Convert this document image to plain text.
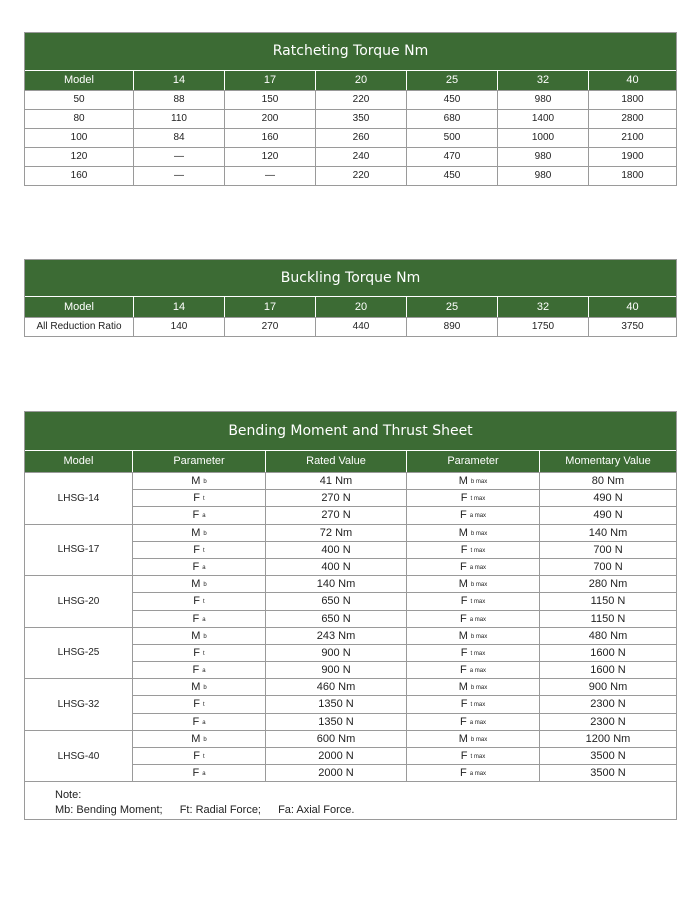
Ratcheting Torque Nm
Model	14	17	20	25	32	40
50	88	150	220	450	980	1800
80	110	200	350	680	1400	2800
100	84	160	260	500	1000	2100
120	—	120	240	470	980	1900
160	—	—	220	450	980	1800
Buckling Torque Nm
Model	14	17	20	25	32	40
All Reduction Ratio	140	270	440	890	1750	3750
Bending Moment and Thrust Sheet
Model	Parameter	Rated Value	Parameter	Momentary Value
LHSG-14
M $_b$	41 Nm	M $_{b max}$	80 Nm
F $_t$	270 N	F $_{t max}$	490 N
F $_a$	270 N	F $_{a max}$	490 N
LHSG-17
M $_b$	72 Nm	M $_{b max}$	140 Nm
F $_t$	400 N	F $_{t max}$	700 N
F $_a$	400 N	F $_{a max}$	700 N
LHSG-20
M $_b$	140 Nm	M $_{b max}$	280 Nm
F $_t$	650 N	F $_{t max}$	1150 N
F $_a$	650 N	F $_{a max}$	1150 N
LHSG-25
M $_b$	243 Nm	M $_{b max}$	480 Nm
F $_t$	900 N	F $_{t max}$	1600 N
F $_a$	900 N	F $_{a max}$	1600 N
LHSG-32
M $_b$	460 Nm	M $_{b max}$	900 Nm
F $_t$	1350 N	F $_{t max}$	2300 N
F $_a$	1350 N	F $_{a max}$	2300 N
LHSG-40
M $_b$	600 Nm	M $_{b max}$	1200 Nm
F $_t$	2000 N	F $_{t max}$	3500 N
F $_a$	2000 N	F $_{a max}$	3500 N
Note:
Mb: Bending Moment; Ft: Radial Force; Fa: Axial Force.
